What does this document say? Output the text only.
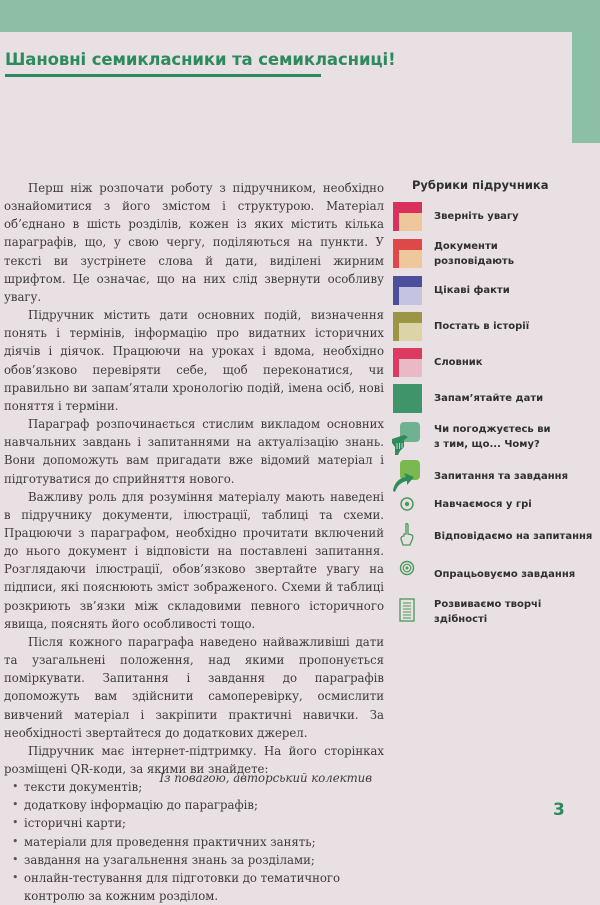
Шановні семикласники та семикласниці!

Перш ніж розпочати роботу з підручником, необхідно ознайомитися з його змістом і структурою. Матеріал об’єднано в шість розділів, кожен із яких містить кілька параграфів, що, у свою чергу, поділяються на пункти. У тексті ви зустрінете слова й дати, виділені жирним шрифтом. Це означає, що на них слід звернути особливу увагу.

Підручник містить дати основних подій, визначення понять і термінів, інформацію про видатних історичних діячів і діячок. Працюючи на уроках і вдома, необхідно обов’язково перевіряти себе, щоб переконатися, чи правильно ви запам’ятали хронологію подій, імена осіб, нові поняття і терміни.

Параграф розпочинається стислим викладом основних навчальних завдань і запитаннями на актуалізацію знань. Вони допоможуть вам пригадати вже відомий матеріал і підготуватися до сприйняття нового.

Важливу роль для розуміння матеріалу мають наведені в підручнику документи, ілюстрації, таблиці та схеми. Працюючи з параграфом, необхідно прочитати включений до нього документ і відповісти на поставлені запитання. Розглядаючи ілюстрації, обов’язково звертайте увагу на підписи, які пояснюють зміст зображеного. Схеми й таблиці розкриють зв’язки між складовими певного історичного явища, пояснять його особливості тощо.

Після кожного параграфа наведено найважливіші дати та узагальнені положення, над якими пропонується поміркувати. Запитання і завдання до параграфів допоможуть вам здійснити самоперевірку, осмислити вивчений матеріал і закріпити практичні навички. За необхідності звертайтеся до додаткових джерел.

Підручник має інтернет-підтримку. На його сторінках розміщені QR-коди, за якими ви знайдете:

• тексти документів;
• додаткову інформацію до параграфів;
• історичні карти;
• матеріали для проведення практичних занять;
• завдання на узагальнення знань за розділами;
• онлайн-тестування для підготовки до тематичного контролю за кожним розділом.
Із повагою, авторський колектив
3
Рубрики підручника
Зверніть увагу
Документи розповідають
Цікаві факти
Постать в історії
Словник
Запам’ятайте дати
Чи погоджуєтесь ви з тим, що... Чому?
Запитання та завдання
Навчаємося у грі
Відповідаємо на запитання
Опрацьовуємо завдання
Розвиваємо творчі здібності
